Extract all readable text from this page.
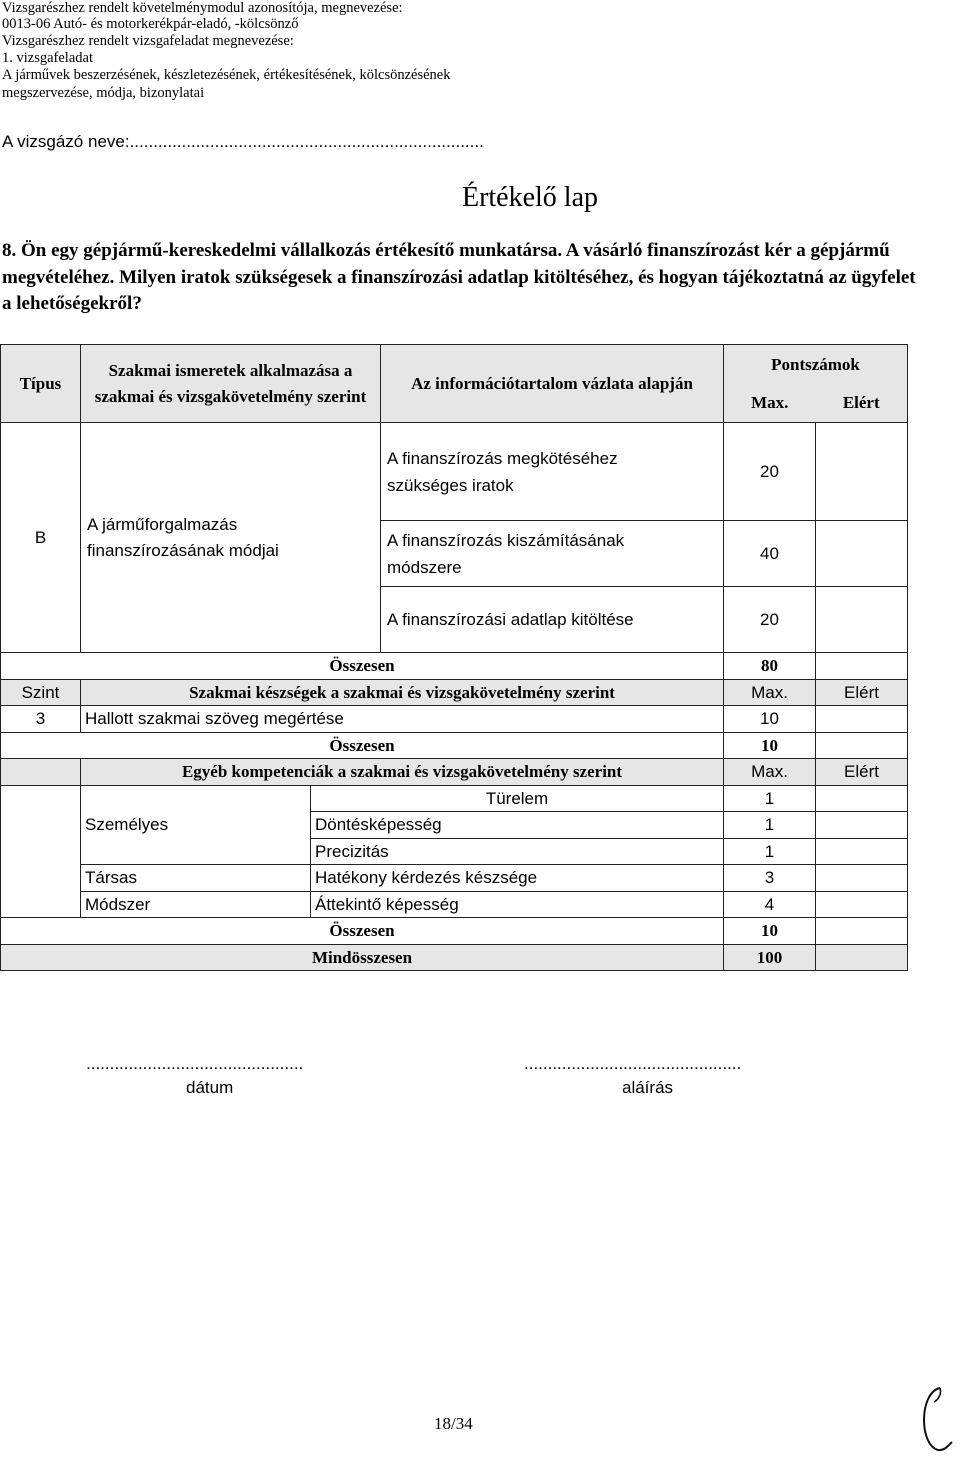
Vizsgarészhez rendelt követelménymodul azonosítója, megnevezése:
0013-06 Autó- és motorkerékpár-eladó, -kölcsönző
Vizsgarészhez rendelt vizsgafeladat megnevezése:
1. vizsgafeladat
A járművek beszerzésének, készletezésének, értékesítésének, kölcsönzésének
megszervezése, módja, bizonylatai
A vizsgázó neve:...........................................................................
Értékelő lap
8. Ön egy gépjármű-kereskedelmi vállalkozás értékesítő munkatársa. A vásárló finanszírozást kér a gépjármű megvételéhez. Milyen iratok szükségesek a finanszírozási adatlap kitöltéséhez, és hogyan tájékoztatná az ügyfelet a lehetőségekről?
Típus	Szakmai ismeretek alkalmazása a szakmai és vizsgakövetelmény szerint	Az információtartalom vázlata alapján	Pontszámok	
			Max.	Elért
B	A járműforgalmazás finanszírozásának módjai	A finanszírozás megkötéséhez szükséges iratok	20	
		A finanszírozás kiszámításának módszere	40	
		A finanszírozási adatlap kitöltése	20	
Összesen			80	
Szint	Szakmai készségek a szakmai és vizsgakövetelmény szerint		Max.	Elért
3	Hallott szakmai szöveg megértése		10	
Összesen			10	
	Egyéb kompetenciák a szakmai és vizsgakövetelmény szerint		Max.	Elért
	Személyes	Türelem	1	
		Döntésképesség	1	
		Precizitás	1	
	Társas	Hatékony kérdezés készsége	3	
	Módszer	Áttekintő képesség	4	
Összesen			10	
Mindösszesen			100	
..............................................
dátum
..............................................
aláírás
18/34
